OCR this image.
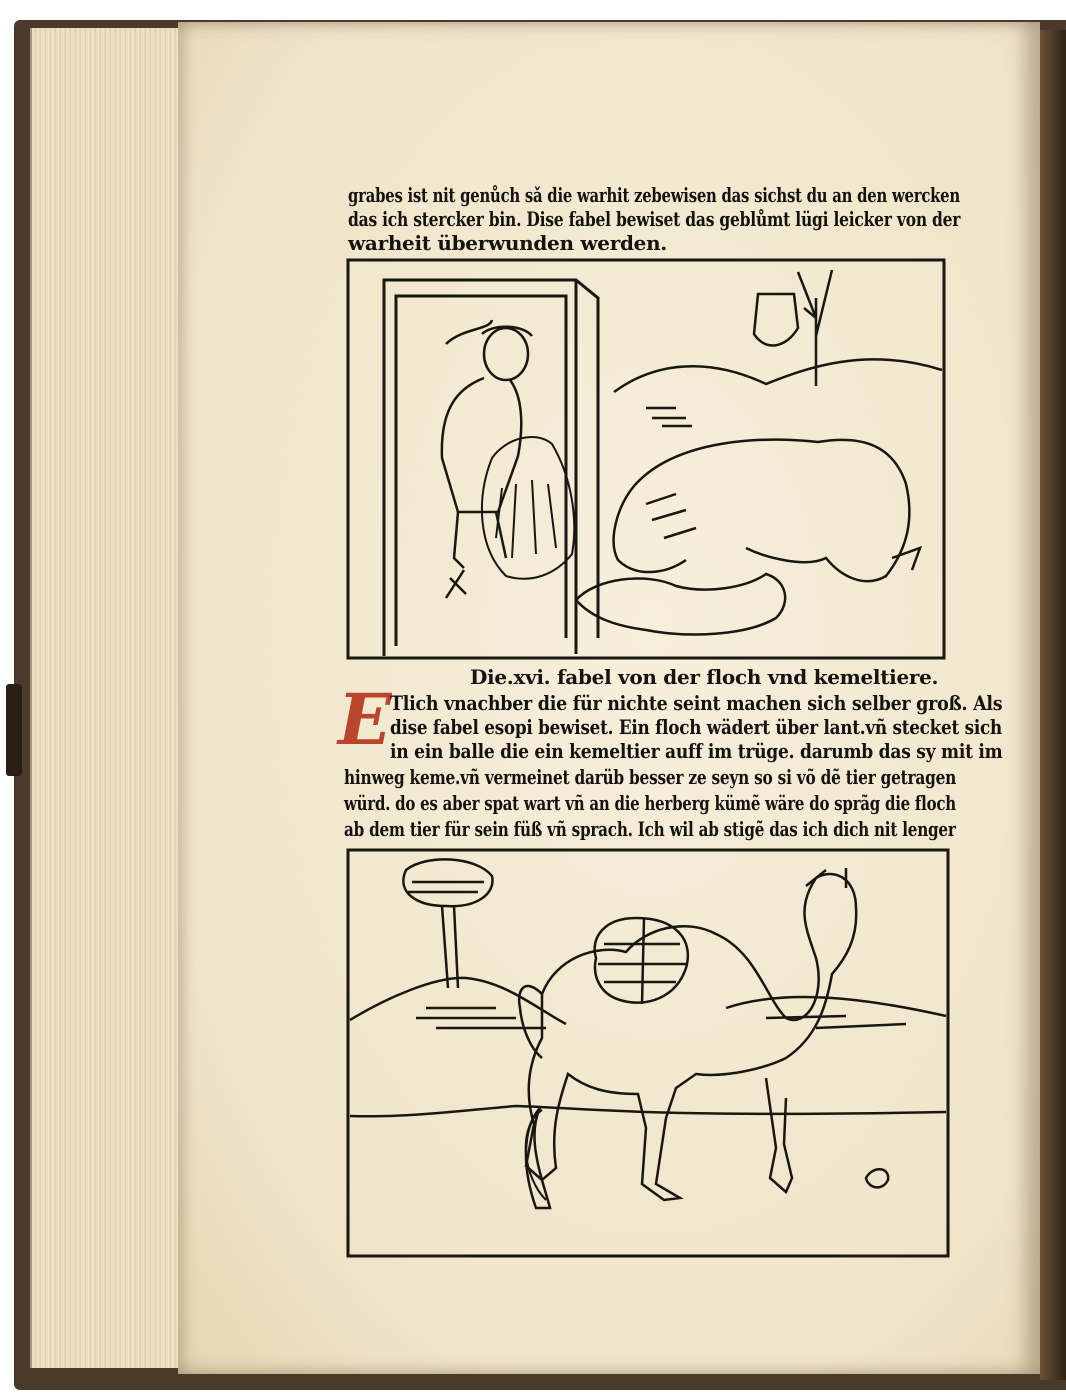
grabes ist nit genůch sǎ die warhit zebewisen das sichst du an den wercken

das ich stercker bin. Dise fabel bewiset das geblůmt lügi leicker von der

warheit überwunden werden.

Die.xvi. fabel von der floch vnd kemeltiere.

E

Tlich vnachber die für nichte seint machen sich selber groß. Als

dise fabel esopi bewiset. Ein floch wädert über lant.vñ stecket sich

in ein balle die ein kemeltier auff im trüge. darumb das sy mit im

hinweg keme.vñ vermeinet darüb besser ze seyn so si võ dẽ tier getragen

würd. do es aber spat wart vñ an die herberg kümẽ wäre do sprãg die floch

ab dem tier für sein füß vñ sprach. Ich wil ab stigẽ das ich dich nit lenger
